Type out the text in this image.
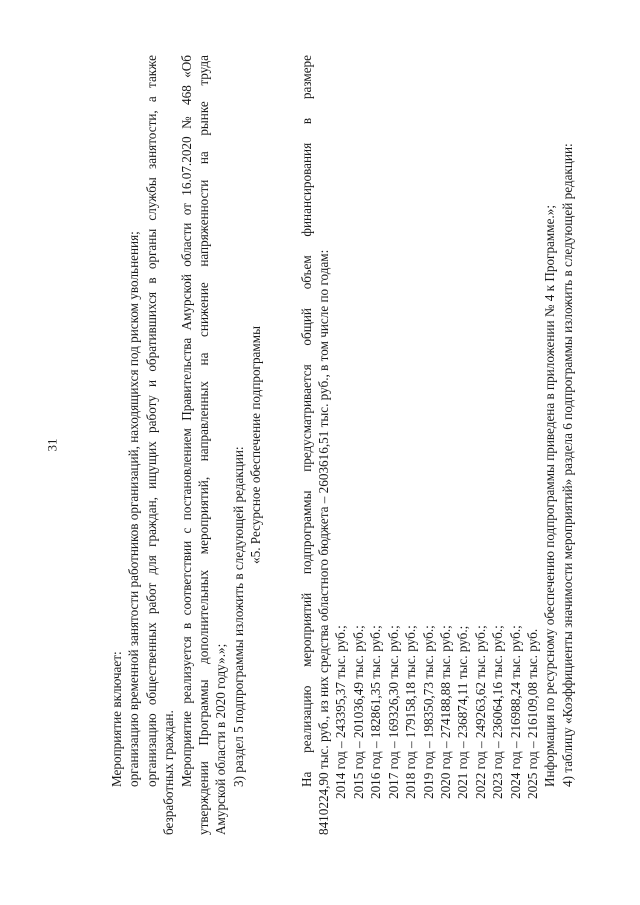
31

Мероприятие включает: организацию временной занятости работников организаций, находящихся под риском увольнения; организацию общественных работ для граждан, ищущих работу и обратившихся в органы службы занятости, а также безработных граждан. Мероприятие реализуется в соответствии с постановлением Правительства Амурской области от 16.07.2020 № 468 «Об утверждении Программы дополнительных мероприятий, направленных на снижение напряженности на рынке труда Амурской области в 2020 году».»; 3) раздел 5 подпрограммы изложить в следующей редакции:

«5. Ресурсное обеспечение подпрограммы	На реализацию мероприятий подпрограммы предусматривается общий объем финансирования в размере 8410224,90 тыс. руб., из них средства областного бюджета – 2603616,51 тыс. руб., в том числе по годам: 2014 год – 243395,37 тыс. руб.; 2015 год – 201036,49 тыс. руб.; 2016 год – 182861,35 тыс. руб.; 2017 год – 169326,30 тыс. руб.; 2018 год – 179158,18 тыс. руб.; 2019 год – 198350,73 тыс. руб.; 2020 год – 274188,88 тыс. руб.; 2021 год – 236874,11 тыс. руб.; 2022 год – 249263,62 тыс. руб.; 2023 год – 236064,16 тыс. руб.; 2024 год – 216988,24 тыс. руб.; 2025 год – 216109,08 тыс. руб. Информация по ресурсному обеспечению подпрограммы приведена в приложении № 4 к Программе.»; 4) таблицу «Коэффициенты значимости мероприятий» раздела 6 подпрограммы изложить в следующей редакции:
